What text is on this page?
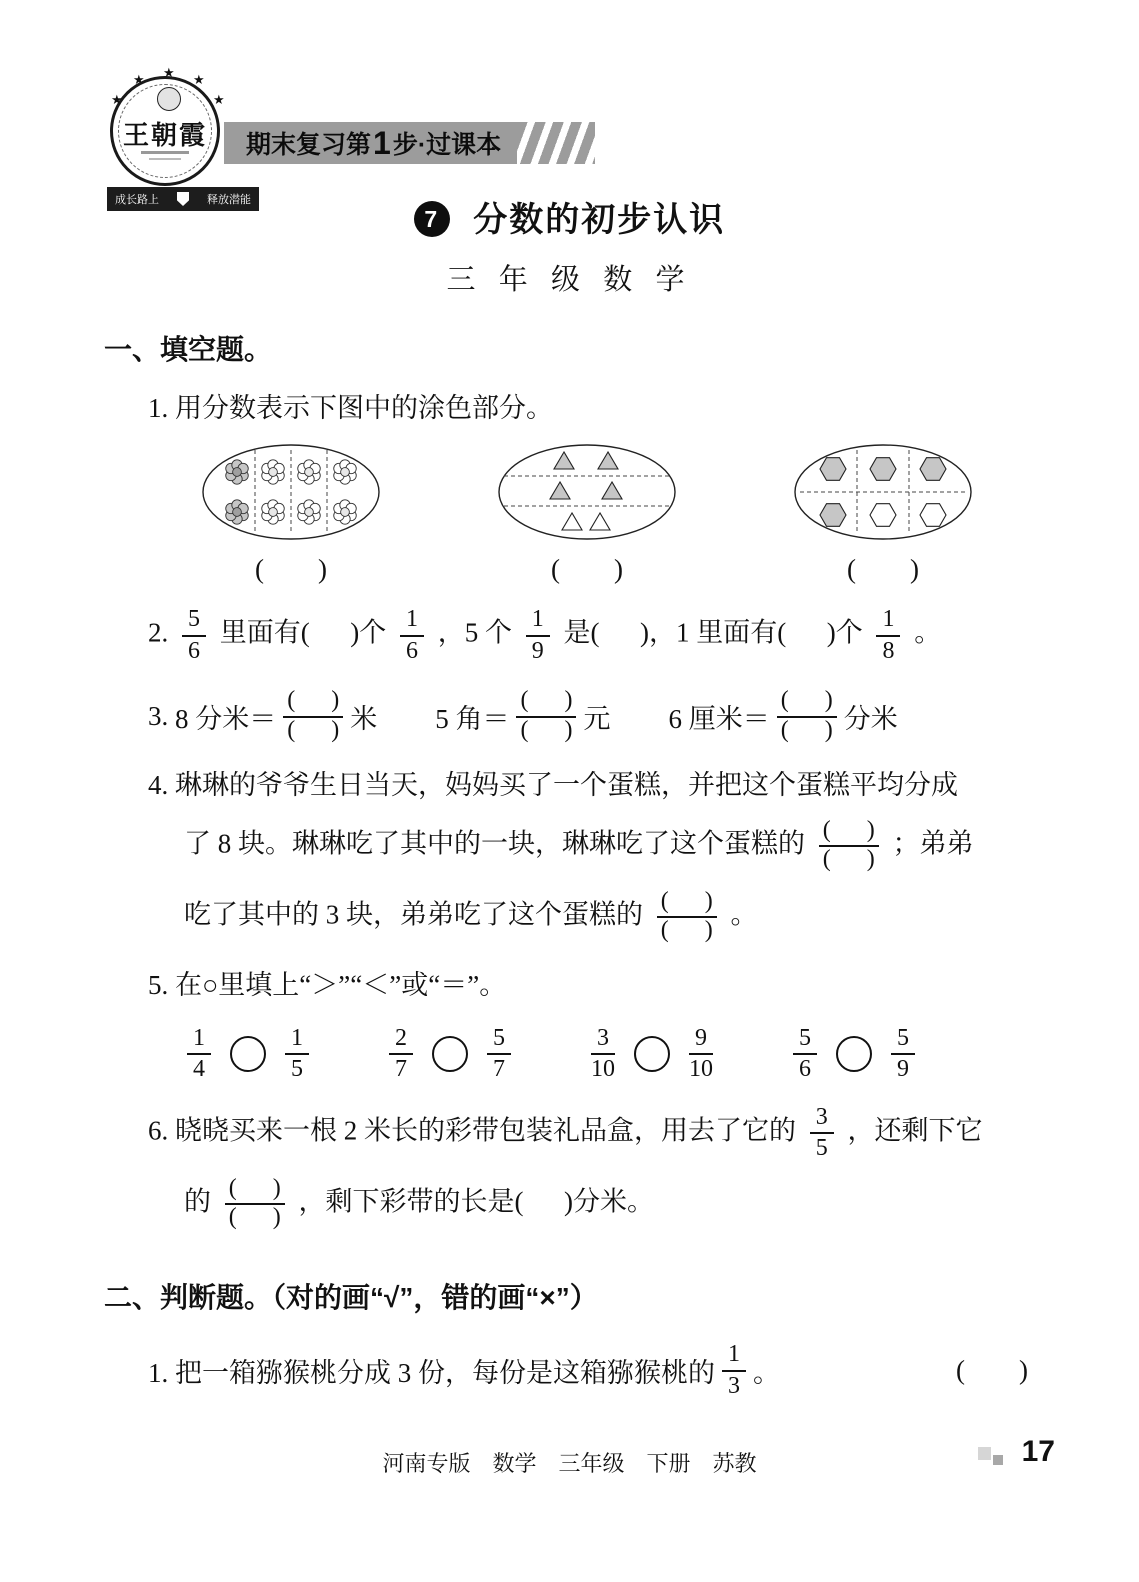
★
★	★
★	★
王朝霞
成长路上	释放潜能
期末复习第 1 步·过课本
7 分数的初步认识
三 年 级 数 学
一、填空题。
1. 用分数表示下图中的涂色部分。
(        )	(        )	(        )
2. $\frac{5}{6}$ 里面有(      )个 $\frac{1}{6}$ ，5 个 $\frac{1}{9}$ 是(      )，1 里面有(      )个 $\frac{1}{8}$ 。
3.
8 分米＝ $\frac{( )}{( )}$ 米 5 角＝ $\frac{( )}{( )}$ 元 6 厘米＝ $\frac{( )}{( )}$ 分米
4. 琳琳的爷爷生日当天，妈妈买了一个蛋糕，并把这个蛋糕平均分成
了 8 块。琳琳吃了其中的一块，琳琳吃了这个蛋糕的 $\frac{( )}{( )}$ ；弟弟
吃了其中的 3 块，弟弟吃了这个蛋糕的 $\frac{( )}{( )}$ 。
5. 在○里填上“＞”“＜”或“＝”。
$\frac{1}{4}$	$\frac{1}{5}$	$\frac{2}{7}$	$\frac{5}{7}$	$\frac{3}{10}$	$\frac{9}{10}$	$\frac{5}{6}$	$\frac{5}{9}$
6. 晓晓买来一根 2 米长的彩带包装礼品盒，用去了它的 $\frac{3}{5}$ ，还剩下它
的 $\frac{( )}{( )}$ ，剩下彩带的长是(      )分米。
二、判断题。（对的画“√”，错的画“×”）
1. 把一箱猕猴桃分成 3 份，每份是这箱猕猴桃的 $\frac{1}{3}$ 。	(        )
河南专版　数学　三年级　下册　苏教	17
